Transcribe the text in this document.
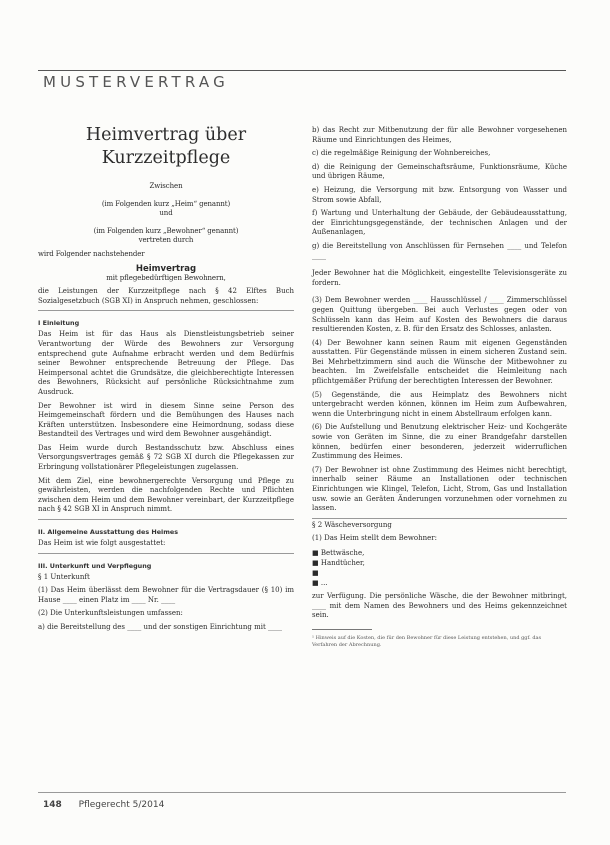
MUSTERVERTRAG
Heimvertrag über
Kurzzeitpflege

Zwischen

(im Folgenden kurz „Heim“ genannt)

und

(im Folgenden kurz „Bewohner“ genannt)

vertreten durch

wird Folgender nachstehender

Heimvertrag

mit pflegebedürftigen Bewohnern,

die Leistungen der Kurzzeitpflege nach § 42 Elftes Buch Sozialgesetzbuch (SGB XI) in Anspruch nehmen, geschlossen:

I Einleitung

Das Heim ist für das Haus als Dienstleistungsbetrieb seiner Verantwortung der Würde des Bewohners zur Versorgung entsprechend gute Aufnahme erbracht werden und dem Bedürfnis seiner Bewohner entsprechende Betreuung der Pflege. Das Heimpersonal achtet die Grundsätze, die gleichberechtigte Interessen des Bewohners, Rücksicht auf persönliche Rücksichtnahme zum Ausdruck.

Der Bewohner ist wird in diesem Sinne seine Person des Heimgemeinschaft fördern und die Bemühungen des Hauses nach Kräften unterstützen. Insbesondere eine Heimordnung, sodass diese Bestandteil des Vertrages und wird dem Bewohner ausgehändigt.

Das Heim wurde durch Bestandsschutz bzw. Abschluss eines Versorgungsvertrages gemäß § 72 SGB XI durch die Pflegekassen zur Erbringung vollstationärer Pflegeleistungen zugelassen.

Mit dem Ziel, eine bewohnergerechte Versorgung und Pflege zu gewährleisten, werden die nachfolgenden Rechte und Pflichten zwischen dem Heim und dem Bewohner vereinbart, der Kurzzeitpflege nach § 42 SGB XI in Anspruch nimmt.

II. Allgemeine Ausstattung des Heimes

Das Heim ist wie folgt ausgestattet:

III. Unterkunft und Verpflegung

§ 1 Unterkunft

(1) Das Heim überlässt dem Bewohner für die Vertragsdauer (§ 10) im Hause ____ einen Platz im ____ Nr. ____

(2) Die Unterkunftsleistungen umfassen:

a) die Bereitstellung des ____ und der sonstigen Einrichtung mit ____

b) das Recht zur Mitbenutzung der für alle Bewohner vorgesehenen Räume und Einrichtungen des Heimes,

c) die regelmäßige Reinigung der Wohnbereiches,

d) die Reinigung der Gemeinschaftsräume, Funktionsräume, Küche und übrigen Räume,

e) Heizung, die Versorgung mit bzw. Entsorgung von Wasser und Strom sowie Abfall,

f) Wartung und Unterhaltung der Gebäude, der Gebäudeausstattung, der Einrichtungsgegenstände, der technischen Anlagen und der Außenanlagen,

g) die Bereitstellung von Anschlüssen für Fernsehen ____ und Telefon ____

Jeder Bewohner hat die Möglichkeit, eingestellte Televisionsgeräte zu fordern.

(3) Dem Bewohner werden ____ Hausschlüssel / ____ Zimmerschlüssel gegen Quittung übergeben. Bei auch Verlustes gegen oder von Schlüsseln kann das Heim auf Kosten des Bewohners die daraus resultierenden Kosten, z. B. für den Ersatz des Schlosses, anlasten.

(4) Der Bewohner kann seinen Raum mit eigenen Gegenständen ausstatten. Für Gegenstände müssen in einem sicheren Zustand sein. Bei Mehrbettzimmern sind auch die Wünsche der Mitbewohner zu beachten. Im Zweifelsfalle entscheidet die Heimleitung nach pflichtgemäßer Prüfung der berechtigten Interessen der Bewohner.

(5) Gegenstände, die aus Heimplatz des Bewohners nicht untergebracht werden können, können im Heim zum Aufbewahren, wenn die Unterbringung nicht in einem Abstellraum erfolgen kann.

(6) Die Aufstellung und Benutzung elektrischer Heiz- und Kochgeräte sowie von Geräten im Sinne, die zu einer Brandgefahr darstellen können, bedürfen einer besonderen, jederzeit widerruflichen Zustimmung des Heimes.

(7) Der Bewohner ist ohne Zustimmung des Heimes nicht berechtigt, innerhalb seiner Räume an Installationen oder technischen Einrichtungen wie Klingel, Telefon, Licht, Strom, Gas und Installation usw. sowie an Geräten Änderungen vorzunehmen oder vornehmen zu lassen.

§ 2 Wäscheversorgung

(1) Das Heim stellt dem Bewohner:

■ Bettwäsche,

■ Handtücher,

■

■ ...

zur Verfügung. Die persönliche Wäsche, die der Bewohner mitbringt, ____ mit dem Namen des Bewohners und des Heims gekennzeichnet sein.

¹ Hinweis auf die Kosten, die für den Bewohner für diese Leistung entstehen, und ggf. das Verfahren der Abrechnung.

148 Pflegerecht 5/2014
